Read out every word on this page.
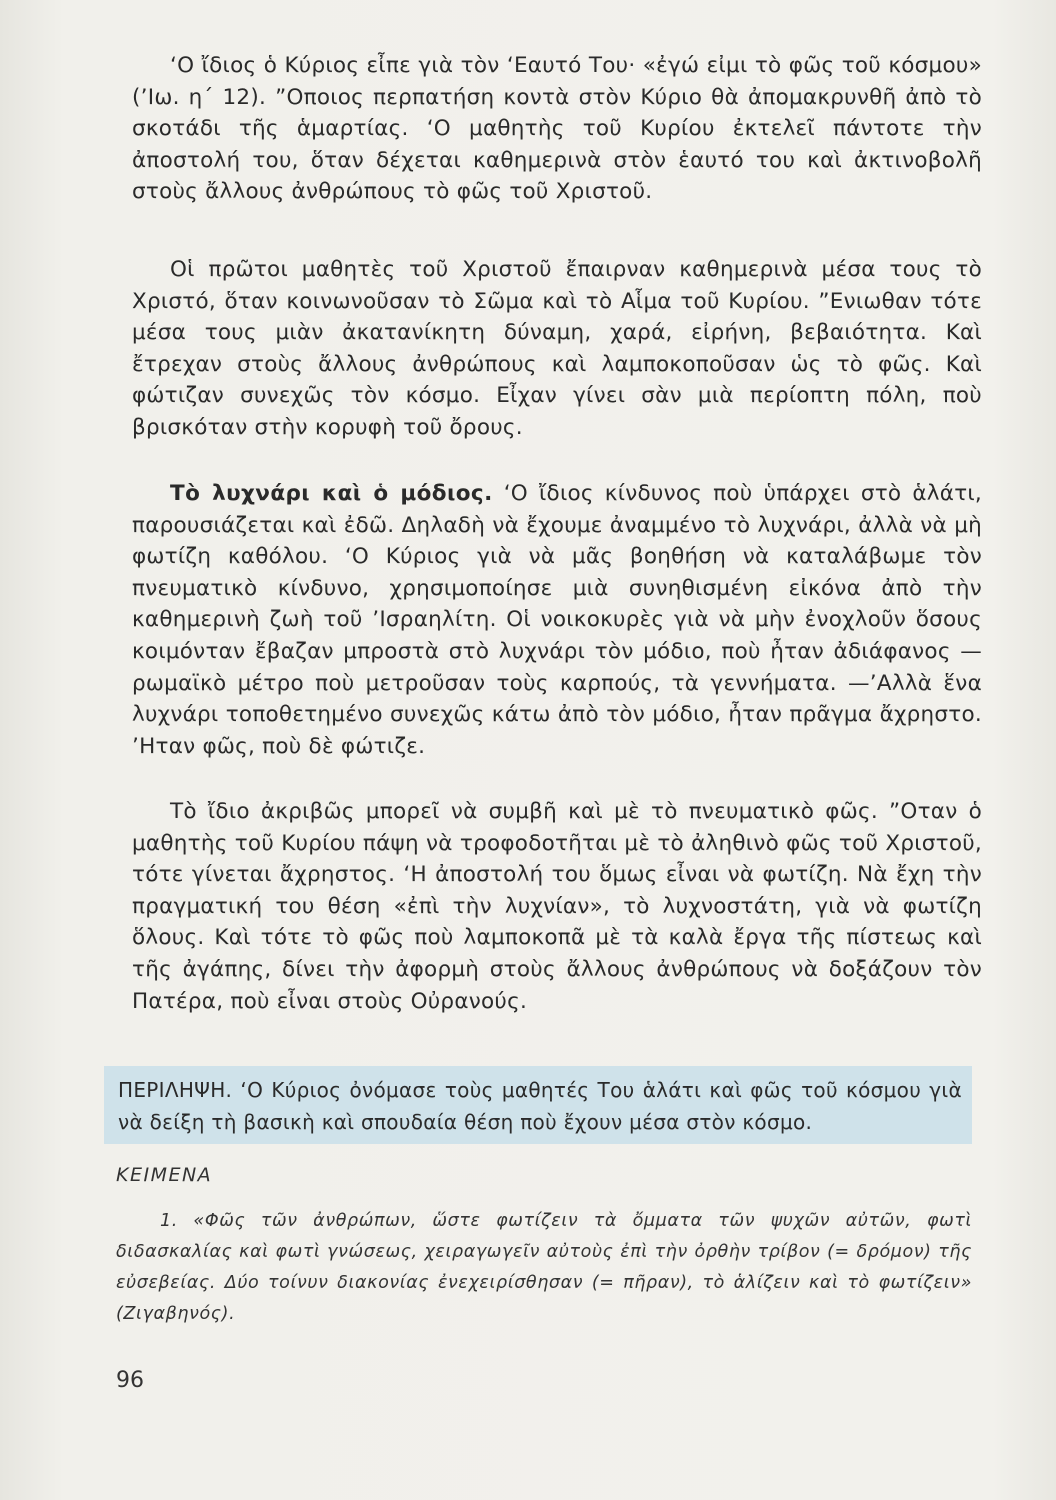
‘Ο ἴδιος ὁ Κύριος εἶπε γιὰ τὸν ‘Εαυτό Του· «ἐγώ εἰμι τὸ φῶς τοῦ κόσμου» (’Ιω. η΄ 12). ”Οποιος περπατήση κοντὰ στὸν Κύριο θὰ ἀπομακρυνθῆ ἀπὸ τὸ σκοτάδι τῆς ἁμαρτίας. ‘Ο μαθητὴς τοῦ Κυρίου ἐκτελεῖ πάντοτε τὴν ἀποστολή του, ὅταν δέχεται καθημερινὰ στὸν ἑαυτό του καὶ ἀκτινοβολῆ στοὺς ἄλλους ἀνθρώπους τὸ φῶς τοῦ Χριστοῦ.

Οἱ πρῶτοι μαθητὲς τοῦ Χριστοῦ ἔπαιρναν καθημερινὰ μέσα τους τὸ Χριστό, ὅταν κοινωνοῦσαν τὸ Σῶμα καὶ τὸ Αἷμα τοῦ Κυρίου. ”Ενιωθαν τότε μέσα τους μιὰν ἀκατανίκητη δύναμη, χαρά, εἰρήνη, βεβαιότητα. Καὶ ἔτρεχαν στοὺς ἄλλους ἀνθρώπους καὶ λαμποκοποῦσαν ὡς τὸ φῶς. Καὶ φώτιζαν συνεχῶς τὸν κόσμο. Εἶχαν γίνει σὰν μιὰ περίοπτη πόλη, ποὺ βρισκόταν στὴν κορυφὴ τοῦ ὄρους.

Τὸ λυχνάρι καὶ ὁ μόδιος. ‘Ο ἴδιος κίνδυνος ποὺ ὑπάρχει στὸ ἁλάτι, παρουσιάζεται καὶ ἐδῶ. Δηλαδὴ νὰ ἔχουμε ἀναμμένο τὸ λυχνάρι, ἀλλὰ νὰ μὴ φωτίζη καθόλου. ‘Ο Κύριος γιὰ νὰ μᾶς βοηθήση νὰ καταλάβωμε τὸν πνευματικὸ κίνδυνο, χρησιμοποίησε μιὰ συνηθισμένη εἰκόνα ἀπὸ τὴν καθημερινὴ ζωὴ τοῦ ’Ισραηλίτη. Οἱ νοικοκυρὲς γιὰ νὰ μὴν ἐνοχλοῦν ὅσους κοιμόνταν ἔβαζαν μπροστὰ στὸ λυχνάρι τὸν μόδιο, ποὺ ἦταν ἀδιάφανος — ρωμαϊκὸ μέτρο ποὺ μετροῦσαν τοὺς καρπούς, τὰ γεννήματα. —’Αλλὰ ἕνα λυχνάρι τοποθετημένο συνεχῶς κάτω ἀπὸ τὸν μόδιο, ἦταν πρᾶγμα ἄχρηστο. ’Ηταν φῶς, ποὺ δὲ φώτιζε.

Τὸ ἴδιο ἀκριβῶς μπορεῖ νὰ συμβῆ καὶ μὲ τὸ πνευματικὸ φῶς. ”Οταν ὁ μαθητὴς τοῦ Κυρίου πάψη νὰ τροφοδοτῆται μὲ τὸ ἀληθινὸ φῶς τοῦ Χριστοῦ, τότε γίνεται ἄχρηστος. ‘Η ἀποστολή του ὅμως εἶναι νὰ φωτίζη. Νὰ ἔχη τὴν πραγματική του θέση «ἐπὶ τὴν λυχνίαν», τὸ λυχνοστάτη, γιὰ νὰ φωτίζη ὅλους. Καὶ τότε τὸ φῶς ποὺ λαμποκοπᾶ μὲ τὰ καλὰ ἔργα τῆς πίστεως καὶ τῆς ἀγάπης, δίνει τὴν ἀφορμὴ στοὺς ἄλλους ἀνθρώπους νὰ δοξάζουν τὸν Πατέρα, ποὺ εἶναι στοὺς Οὐρανούς.

ΠΕΡΙΛΗΨΗ. ‘Ο Κύριος ὀνόμασε τοὺς μαθητές Του ἁλάτι καὶ φῶς τοῦ κόσμου γιὰ νὰ δείξη τὴ βασικὴ καὶ σπουδαία θέση ποὺ ἔχουν μέσα στὸν κόσμο.
ΚΕΙΜΕΝΑ

1. «Φῶς τῶν ἀνθρώπων, ὥστε φωτίζειν τὰ ὄμματα τῶν ψυχῶν αὐτῶν, φωτὶ διδασκαλίας καὶ φωτὶ γνώσεως, χειραγωγεῖν αὐτοὺς ἐπὶ τὴν ὀρθὴν τρίβον (= δρόμον) τῆς εὐσεβείας. Δύο τοίνυν διακονίας ἐνεχειρίσθησαν (= πῆραν), τὸ ἁλίζειν καὶ τὸ φωτίζειν» (Ζιγαβηνός).

96
